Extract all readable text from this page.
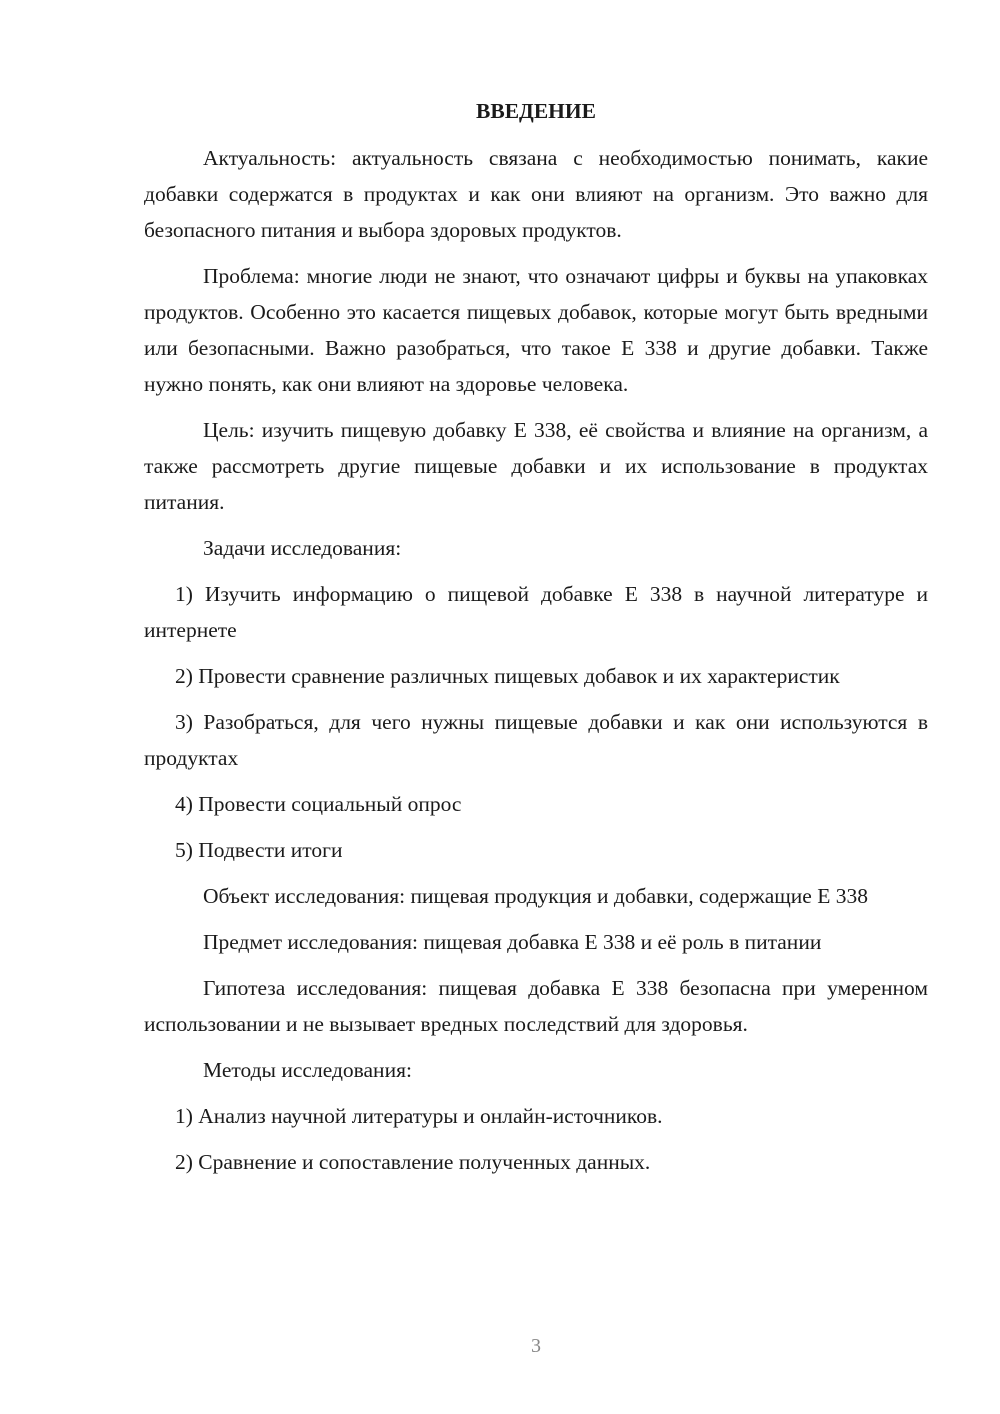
ВВЕДЕНИЕ

Актуальность: актуальность связана с необходимостью понимать, какие добавки содержатся в продуктах и как они влияют на организм. Это важно для безопасного питания и выбора здоровых продуктов.

Проблема: многие люди не знают, что означают цифры и буквы на упаковках продуктов. Особенно это касается пищевых добавок, которые могут быть вредными или безопасными. Важно разобраться, что такое Е 338 и другие добавки. Также нужно понять, как они влияют на здоровье человека.

Цель: изучить пищевую добавку Е 338, её свойства и влияние на организм, а также рассмотреть другие пищевые добавки и их использование в продуктах питания.

Задачи исследования:

1) Изучить информацию о пищевой добавке Е 338 в научной литературе и интернете

2) Провести сравнение различных пищевых добавок и их характеристик

3) Разобраться, для чего нужны пищевые добавки и как они используются в продуктах

4) Провести социальный опрос

5) Подвести итоги

Объект исследования: пищевая продукция и добавки, содержащие Е 338

Предмет исследования: пищевая добавка Е 338 и её роль в питании

Гипотеза исследования: пищевая добавка Е 338 безопасна при умеренном использовании и не вызывает вредных последствий для здоровья.

Методы исследования:

1) Анализ научной литературы и онлайн-источников.

2) Сравнение и сопоставление полученных данных.

3
